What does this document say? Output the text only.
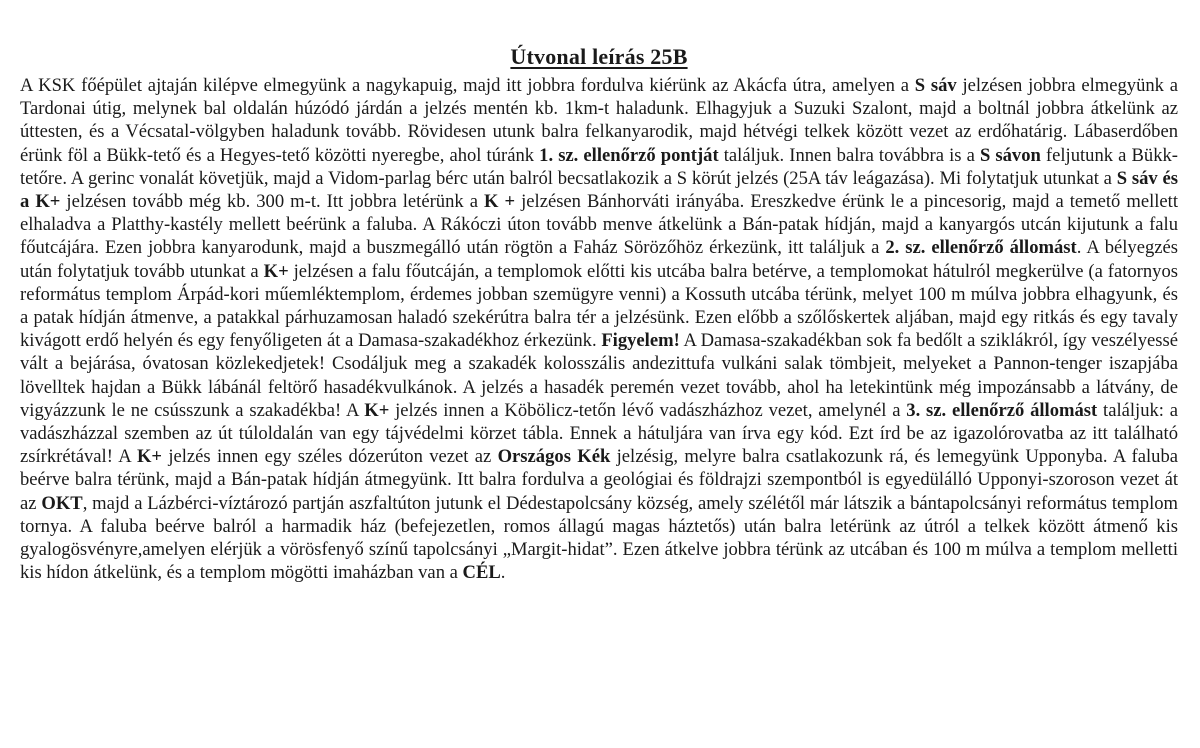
Útvonal leírás 25B

A KSK főépület ajtaján kilépve elmegyünk a nagykapuig, majd itt jobbra fordulva kiérünk az Akácfa útra, amelyen a S sáv jelzésen jobbra elmegyünk a Tardonai útig, melynek bal oldalán húzódó járdán a jelzés mentén kb. 1km-t haladunk. Elhagyjuk a Suzuki Szalont, majd a boltnál jobbra átkelünk az úttesten, és a Vécsatal-völgyben haladunk tovább. Rövidesen utunk balra felkanyarodik, majd hétvégi telkek között vezet az erdőhatárig. Lábaserdőben érünk föl a Bükk-tető és a Hegyes-tető közötti nyeregbe, ahol túránk 1. sz. ellenőrző pontját találjuk. Innen balra továbbra is a S sávon feljutunk a Bükk-tetőre. A gerinc vonalát követjük, majd a Vidom-parlag bérc után balról becsatlakozik a S körút jelzés (25A táv leágazása). Mi folytatjuk utunkat a S sáv és a K+ jelzésen tovább még kb. 300 m-t. Itt jobbra letérünk a K + jelzésen Bánhorváti irányába. Ereszkedve érünk le a pincesorig, majd a temető mellett elhaladva a Platthy-kastély mellett beérünk a faluba. A Rákóczi úton tovább menve átkelünk a Bán-patak hídján, majd a kanyargós utcán kijutunk a falu főutcájára. Ezen jobbra kanyarodunk, majd a buszmegálló után rögtön a Faház Sörözőhöz érkezünk, itt találjuk a 2. sz. ellenőrző állomást. A bélyegzés után folytatjuk tovább utunkat a K+ jelzésen a falu főutcáján, a templomok előtti kis utcába balra betérve, a templomokat hátulról megkerülve (a fatornyos református templom Árpád-kori műemléktemplom, érdemes jobban szemügyre venni) a Kossuth utcába térünk, melyet 100 m múlva jobbra elhagyunk, és a patak hídján átmenve, a patakkal párhuzamosan haladó szekérútra balra tér a jelzésünk. Ezen előbb a szőlőskertek aljában, majd egy ritkás és egy tavaly kivágott erdő helyén és egy fenyőligeten át a Damasa-szakadékhoz érkezünk. Figyelem! A Damasa-szakadékban sok fa bedőlt a sziklákról, így veszélyessé vált a bejárása, óvatosan közlekedjetek! Csodáljuk meg a szakadék kolosszális andezittufa vulkáni salak tömbjeit, melyeket a Pannon-tenger iszapjába lövelltek hajdan a Bükk lábánál feltörő hasadékvulkánok. A jelzés a hasadék peremén vezet tovább, ahol ha letekintünk még impozánsabb a látvány, de vigyázzunk le ne csússzunk a szakadékba! A K+ jelzés innen a Köbölicz-tetőn lévő vadászházhoz vezet, amelynél a 3. sz. ellenőrző állomást találjuk: a vadászházzal szemben az út túloldalán van egy tájvédelmi körzet tábla. Ennek a hátuljára van írva egy kód. Ezt írd be az igazolórovatba az itt található zsírkrétával! A K+ jelzés innen egy széles dózerúton vezet az Országos Kék jelzésig, melyre balra csatlakozunk rá, és lemegyünk Upponyba. A faluba beérve balra térünk, majd a Bán-patak hídján átmegyünk. Itt balra fordulva a geológiai és földrajzi szempontból is egyedülálló Upponyi-szoroson vezet át az OKT, majd a Lázbérci-víztározó partján aszfaltúton jutunk el Dédestapolcsány község, amely szélétől már látszik a bántapolcsányi református templom tornya. A faluba beérve balról a harmadik ház (befejezetlen, romos állagú magas háztetős) után balra letérünk az útról a telkek között átmenő kis gyalogösvényre,amelyen elérjük a vörösfenyő színű tapolcsányi „Margit-hidat”. Ezen átkelve jobbra térünk az utcában és 100 m múlva a templom melletti kis hídon átkelünk, és a templom mögötti imaházban van a CÉL.
